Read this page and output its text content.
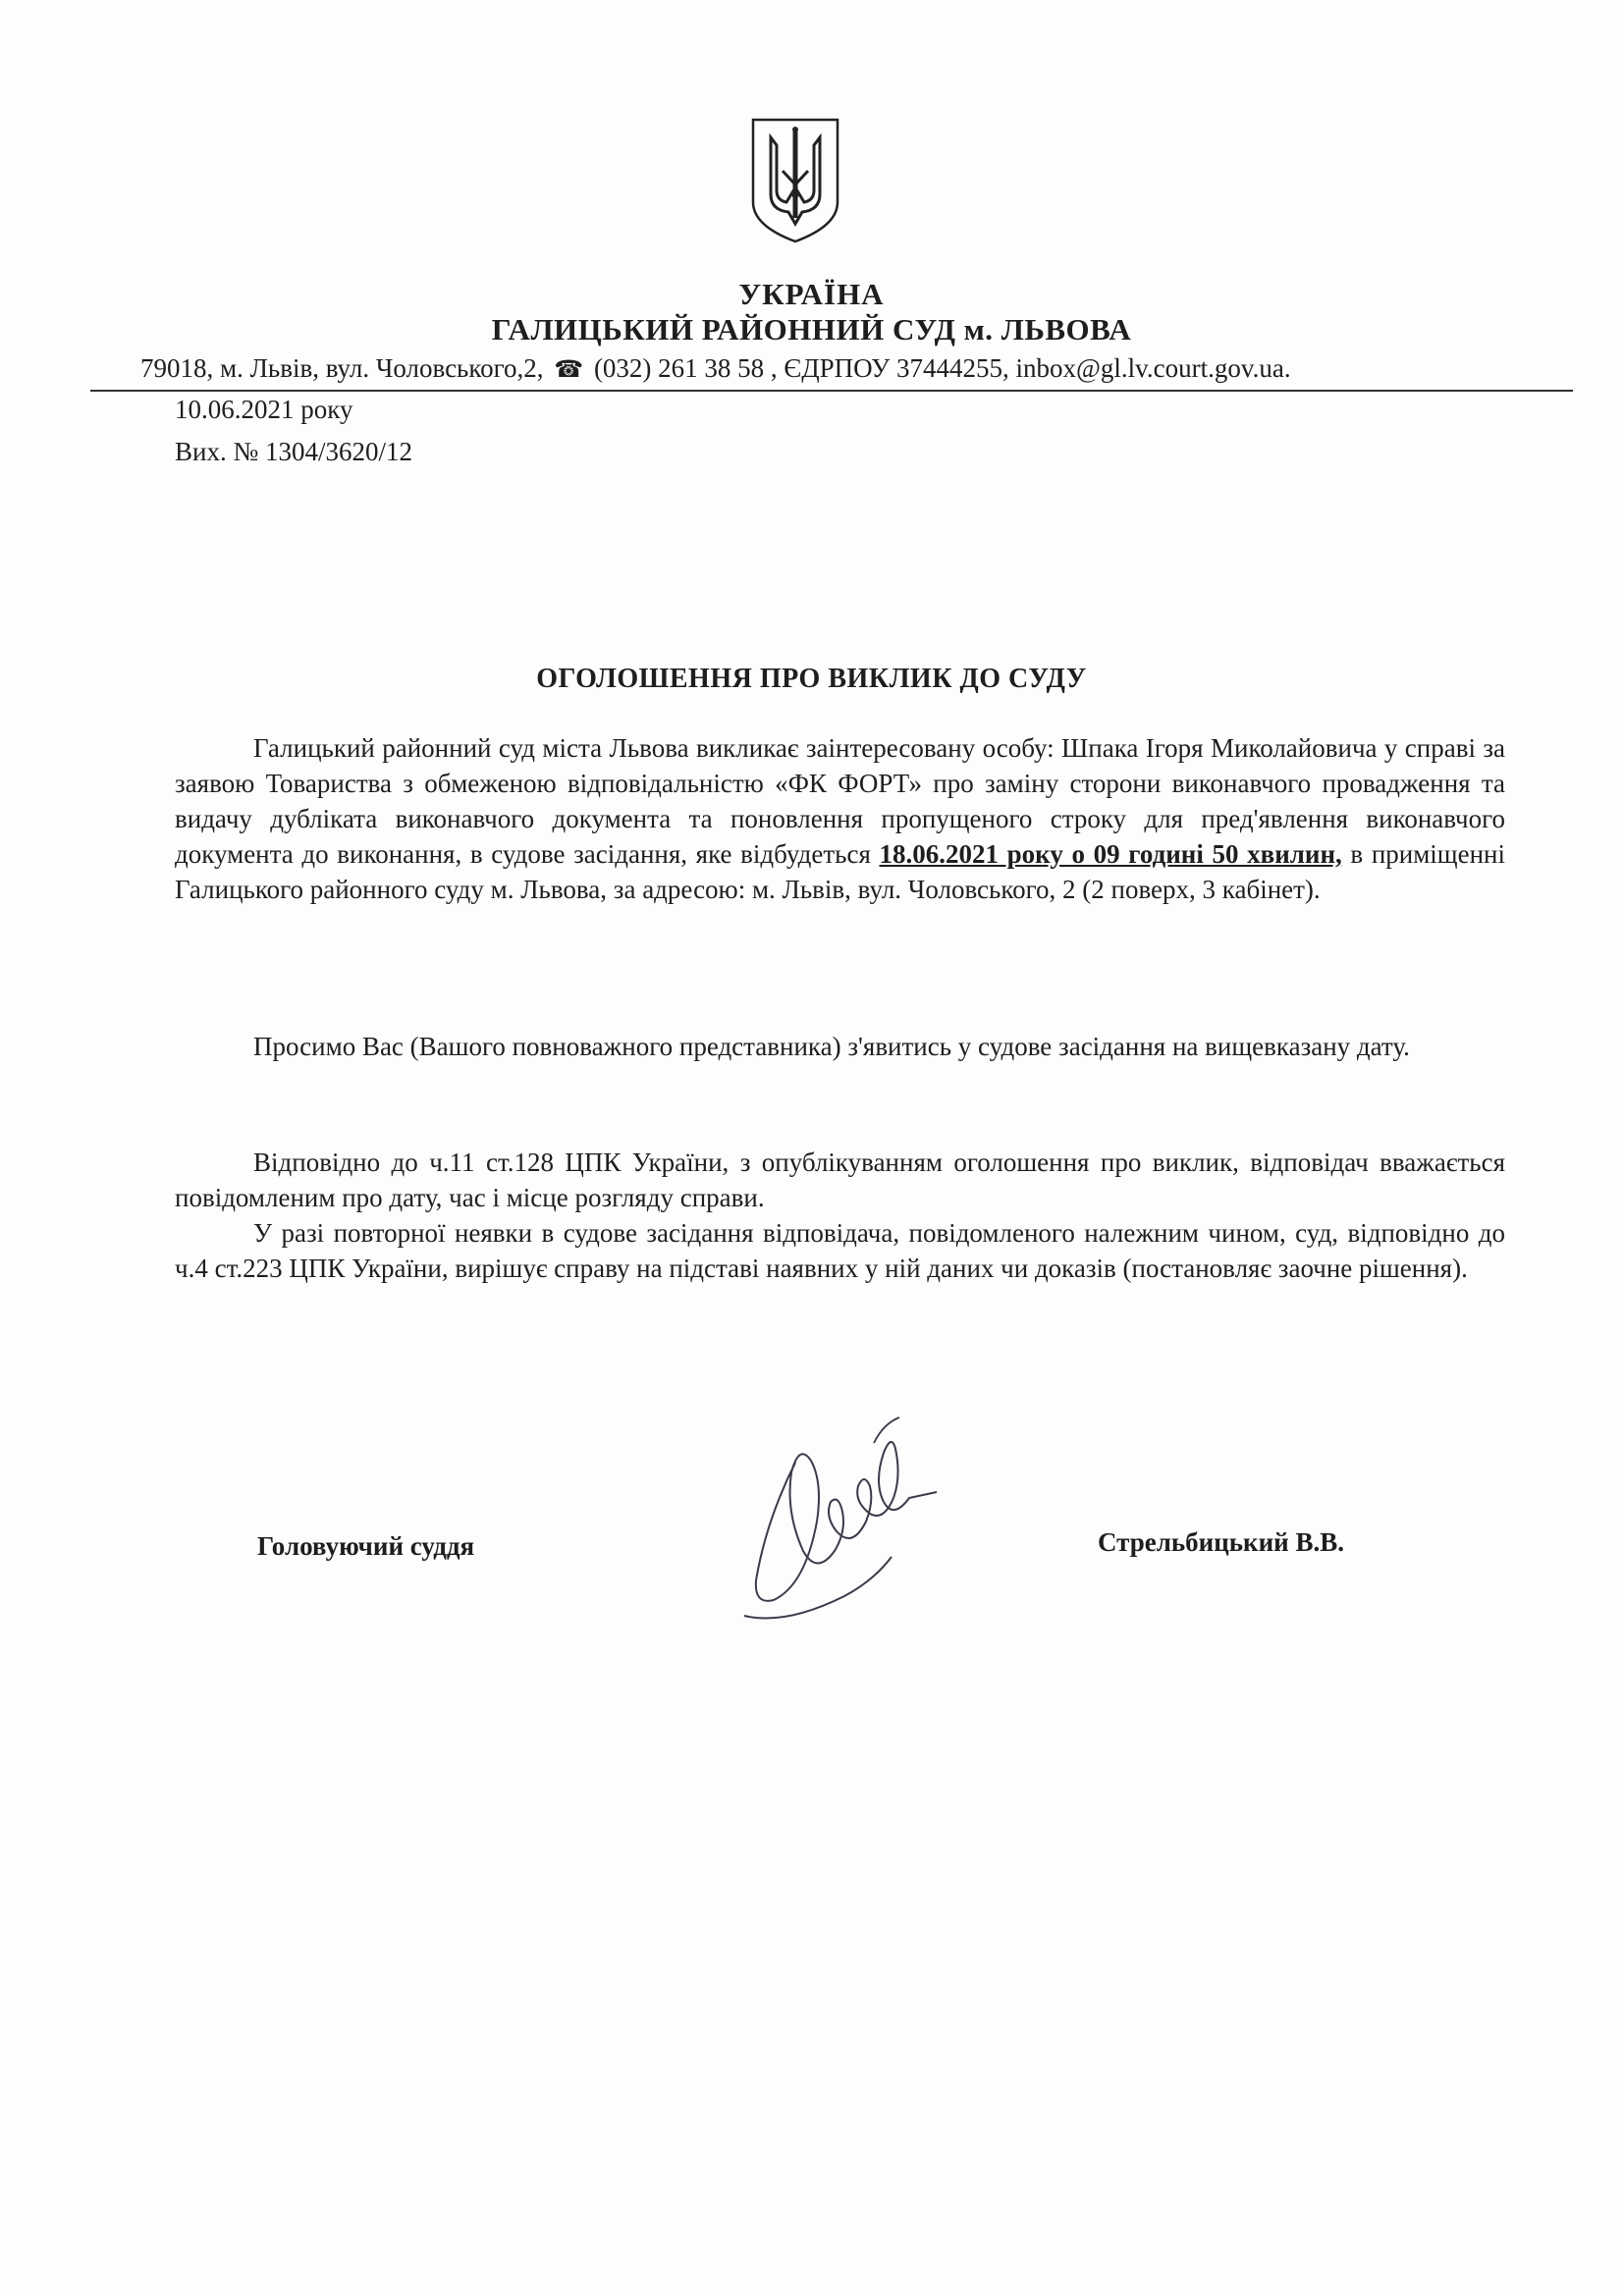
УКРАЇНА
ГАЛИЦЬКИЙ РАЙОННИЙ СУД м. ЛЬВОВА
79018, м. Львів, вул. Чоловського,2, ☎ (032) 261 38 58 , ЄДРПОУ 37444255, inbox@gl.lv.court.gov.ua.
10.06.2021 року
Вих. № 1304/3620/12
ОГОЛОШЕННЯ ПРО ВИКЛИК ДО СУДУ

Галицький районний суд міста Львова викликає заінтересовану особу: Шпака Ігоря Миколайовича у справі за заявою Товариства з обмеженою відповідальністю «ФК ФОРТ» про заміну сторони виконавчого провадження та видачу дубліката виконавчого документа та поновлення пропущеного строку для пред'явлення виконавчого документа до виконання, в судове засідання, яке відбудеться 18.06.2021 року о 09 годині 50 хвилин, в приміщенні Галицького районного суду м. Львова, за адресою: м. Львів, вул. Чоловського, 2 (2 поверх, 3 кабінет).

Просимо Вас (Вашого повноважного представника) з'явитись у судове засідання на вищевказану дату.

Відповідно до ч.11 ст.128 ЦПК України, з опублікуванням оголошення про виклик, відповідач вважається повідомленим про дату, час і місце розгляду справи.

У разі повторної неявки в судове засідання відповідача, повідомленого належним чином, суд, відповідно до ч.4 ст.223 ЦПК України, вирішує справу на підставі наявних у ній даних чи доказів (постановляє заочне рішення).

Головуючий суддя	Стрельбицький В.В.
